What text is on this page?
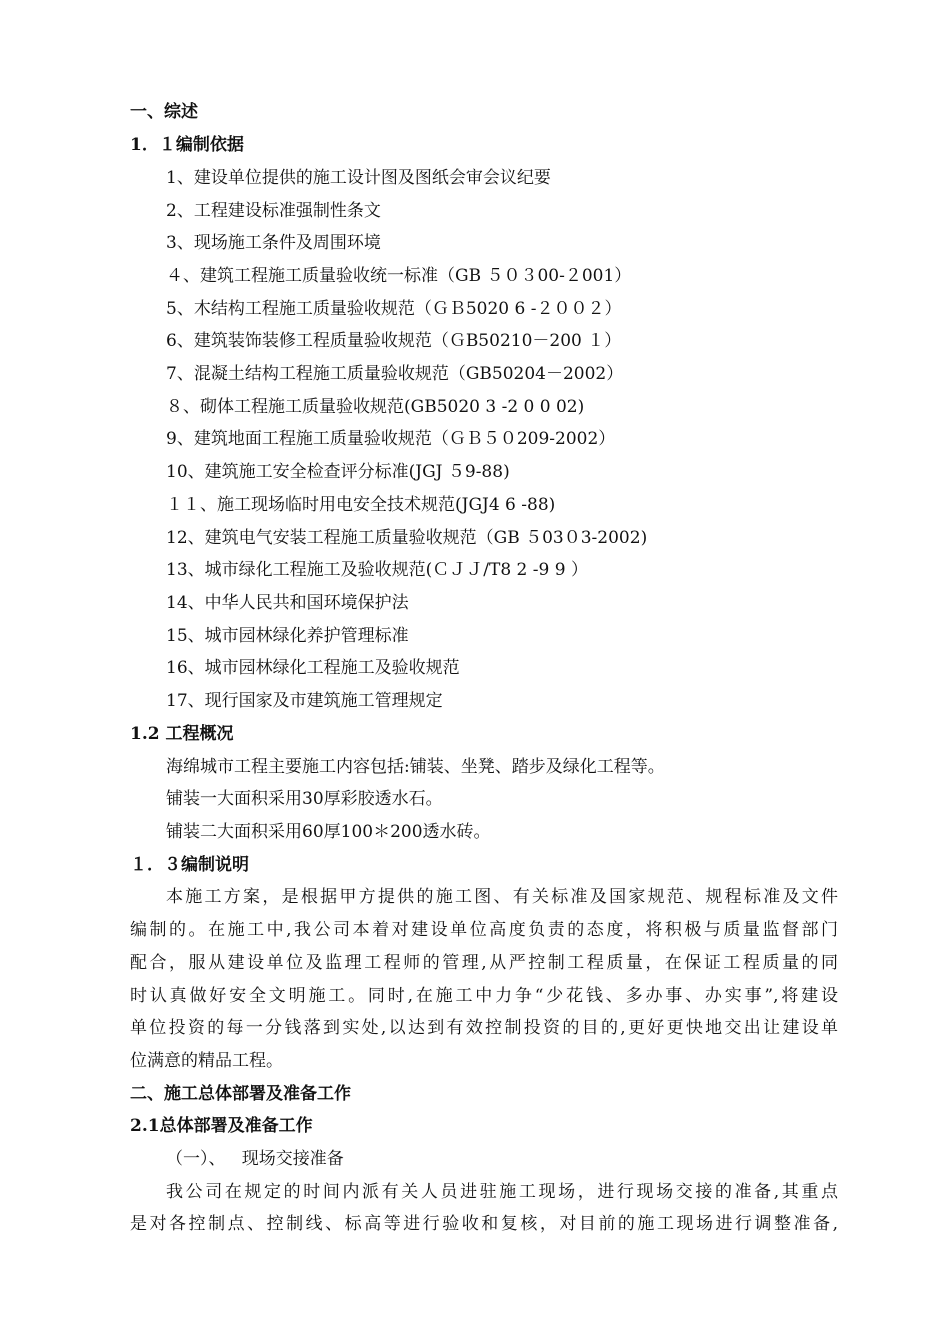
一、综述
1．１编制依据
1、建设单位提供的施工设计图及图纸会审会议纪要
2、工程建设标准强制性条文
3、现场施工条件及周围环境
４、建筑工程施工质量验收统一标准（GB ５０３00-２001）
5、木结构工程施工质量验收规范（ＧＢ5020 6 -２００２）
6、建筑装饰装修工程质量验收规范（ＧB50210－200 １）
7、混凝土结构工程施工质量验收规范（GB50204－2002）
８、砌体工程施工质量验收规范(GB5020 3 -2 0 0 02)
9、建筑地面工程施工质量验收规范（ＧＢ５０209-2002）
10、建筑施工安全检查评分标准(JGJ ５9-88)
１１、施工现场临时用电安全技术规范(JGJ4 6 -88)
12、建筑电气安装工程施工质量验收规范（GB ５03０3-2002)
13、城市绿化工程施工及验收规范(ＣＪＪ/T8 2 -9 9 ）
14、中华人民共和国环境保护法
15、城市园林绿化养护管理标准
16、城市园林绿化工程施工及验收规范
17、现行国家及市建筑施工管理规定
1.2 工程概况
海绵城市工程主要施工内容包括:铺装、坐凳、踏步及绿化工程等。
铺装一大面积采用30厚彩胶透水石。
铺装二大面积采用60厚100＊200透水砖。
１．３编制说明
本施工方案，是根据甲方提供的施工图、有关标准及国家规范、规程标准及文件
编制的。在施工中,我公司本着对建设单位高度负责的态度，将积极与质量监督部门
配合，服从建设单位及监理工程师的管理,从严控制工程质量，在保证工程质量的同
时认真做好安全文明施工。同时,在施工中力争“少花钱、多办事、办实事”,将建设
单位投资的每一分钱落到实处,以达到有效控制投资的目的,更好更快地交出让建设单
位满意的精品工程。
二、施工总体部署及准备工作
2.1总体部署及准备工作
（一）、   现场交接准备
我公司在规定的时间内派有关人员进驻施工现场，进行现场交接的准备,其重点
是对各控制点、控制线、标高等进行验收和复核，对目前的施工现场进行调整准备,
